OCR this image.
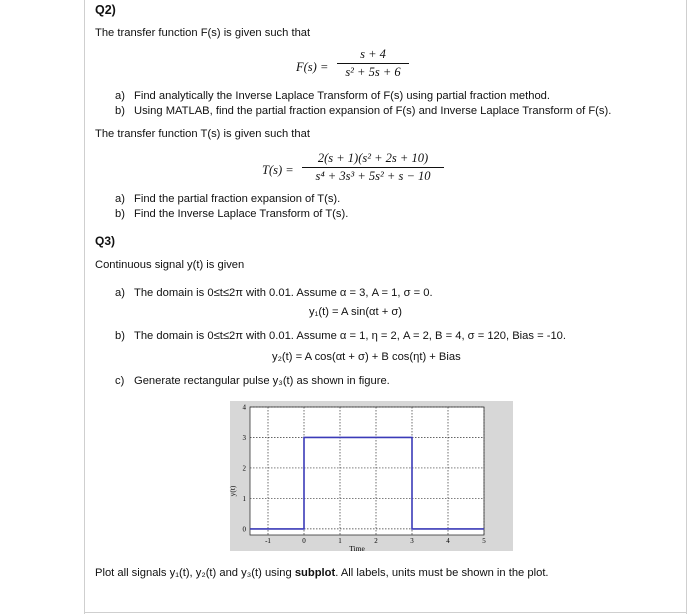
Q2)
The transfer function F(s) is given such that
F(s) =
s + 4
s² + 5s + 6
a) Find analytically the Inverse Laplace Transform of F(s) using partial fraction method.
b) Using MATLAB, find the partial fraction expansion of F(s) and Inverse Laplace Transform of F(s).
The transfer function T(s) is given such that
T(s) =
2(s + 1)(s² + 2s + 10)
s⁴ + 3s³ + 5s² + s − 10
a) Find the partial fraction expansion of T(s).
b) Find the Inverse Laplace Transform of T(s).
Q3)
Continuous signal y(t) is given
a) The domain is 0≤t≤2π with 0.01. Assume α = 3, A = 1, σ = 0.
y₁(t) = A sin(αt + σ)
b) The domain is 0≤t≤2π with 0.01. Assume α = 1, η = 2, A = 2, B = 4, σ = 120, Bias = -10.
y₂(t) = A cos(αt + σ) + B cos(ηt) + Bias
c) Generate rectangular pulse y₃(t) as shown in figure.
-1	0	1	2	3	4	5
0
1
2
3
4
Time
y(t)
Plot all signals y₁(t), y₂(t) and y₃(t) using subplot. All labels, units must be shown in the plot.
